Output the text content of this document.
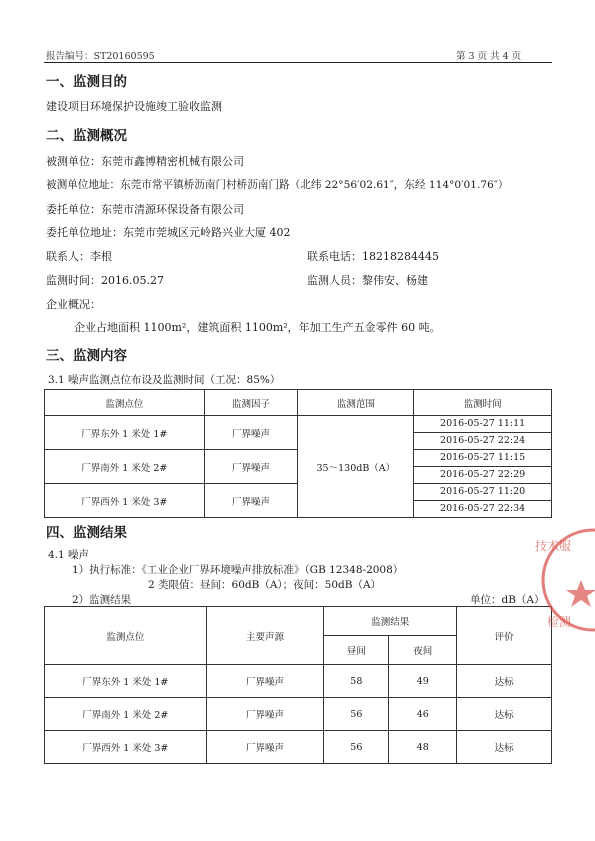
报告编号：ST20160595	第 3 页 共 4 页
一、监测目的
建设项目环境保护设施竣工验收监测
二、监测概况
被测单位：东莞市鑫博精密机械有限公司
被测单位地址：东莞市常平镇桥沥南门村桥沥南门路（北纬 22°56′02.61″，东经 114°0′01.76″）
委托单位：东莞市清源环保设备有限公司
委托单位地址：东莞市莞城区元岭路兴业大厦 402
联系人：李根	联系电话：18218284445
监测时间：2016.05.27	监测人员：黎伟安、杨建
企业概况：
企业占地面积 1100m²，建筑面积 1100m²，年加工生产五金零件 60 吨。
三、监测内容
3.1 噪声监测点位布设及监测时间（工况：85%）
监测点位	监测因子	监测范围	监测时间
厂界东外 1 米处 1#	厂界噪声	35～130dB（A）	2016-05-27 11:11
2016-05-27 22:24

厂界南外 1 米处 2#	厂界噪声		2016-05-27 11:15
2016-05-27 22:29

厂界西外 1 米处 3#	厂界噪声		2016-05-27 11:20
2016-05-27 22:34
四、监测结果
4.1 噪声
1）执行标准：《工业企业厂界环境噪声排放标准》（GB 12348-2008）
2 类限值：昼间：60dB（A）；夜间：50dB（A）
2）监测结果	单位：dB（A）
监测点位	主要声源	监测结果		评价
		昼间	夜间	
厂界东外 1 米处 1#	厂界噪声	58	49	达标
厂界南外 1 米处 2#	厂界噪声	56	46	达标
厂界西外 1 米处 3#	厂界噪声	56	48	达标
技术服
检测
